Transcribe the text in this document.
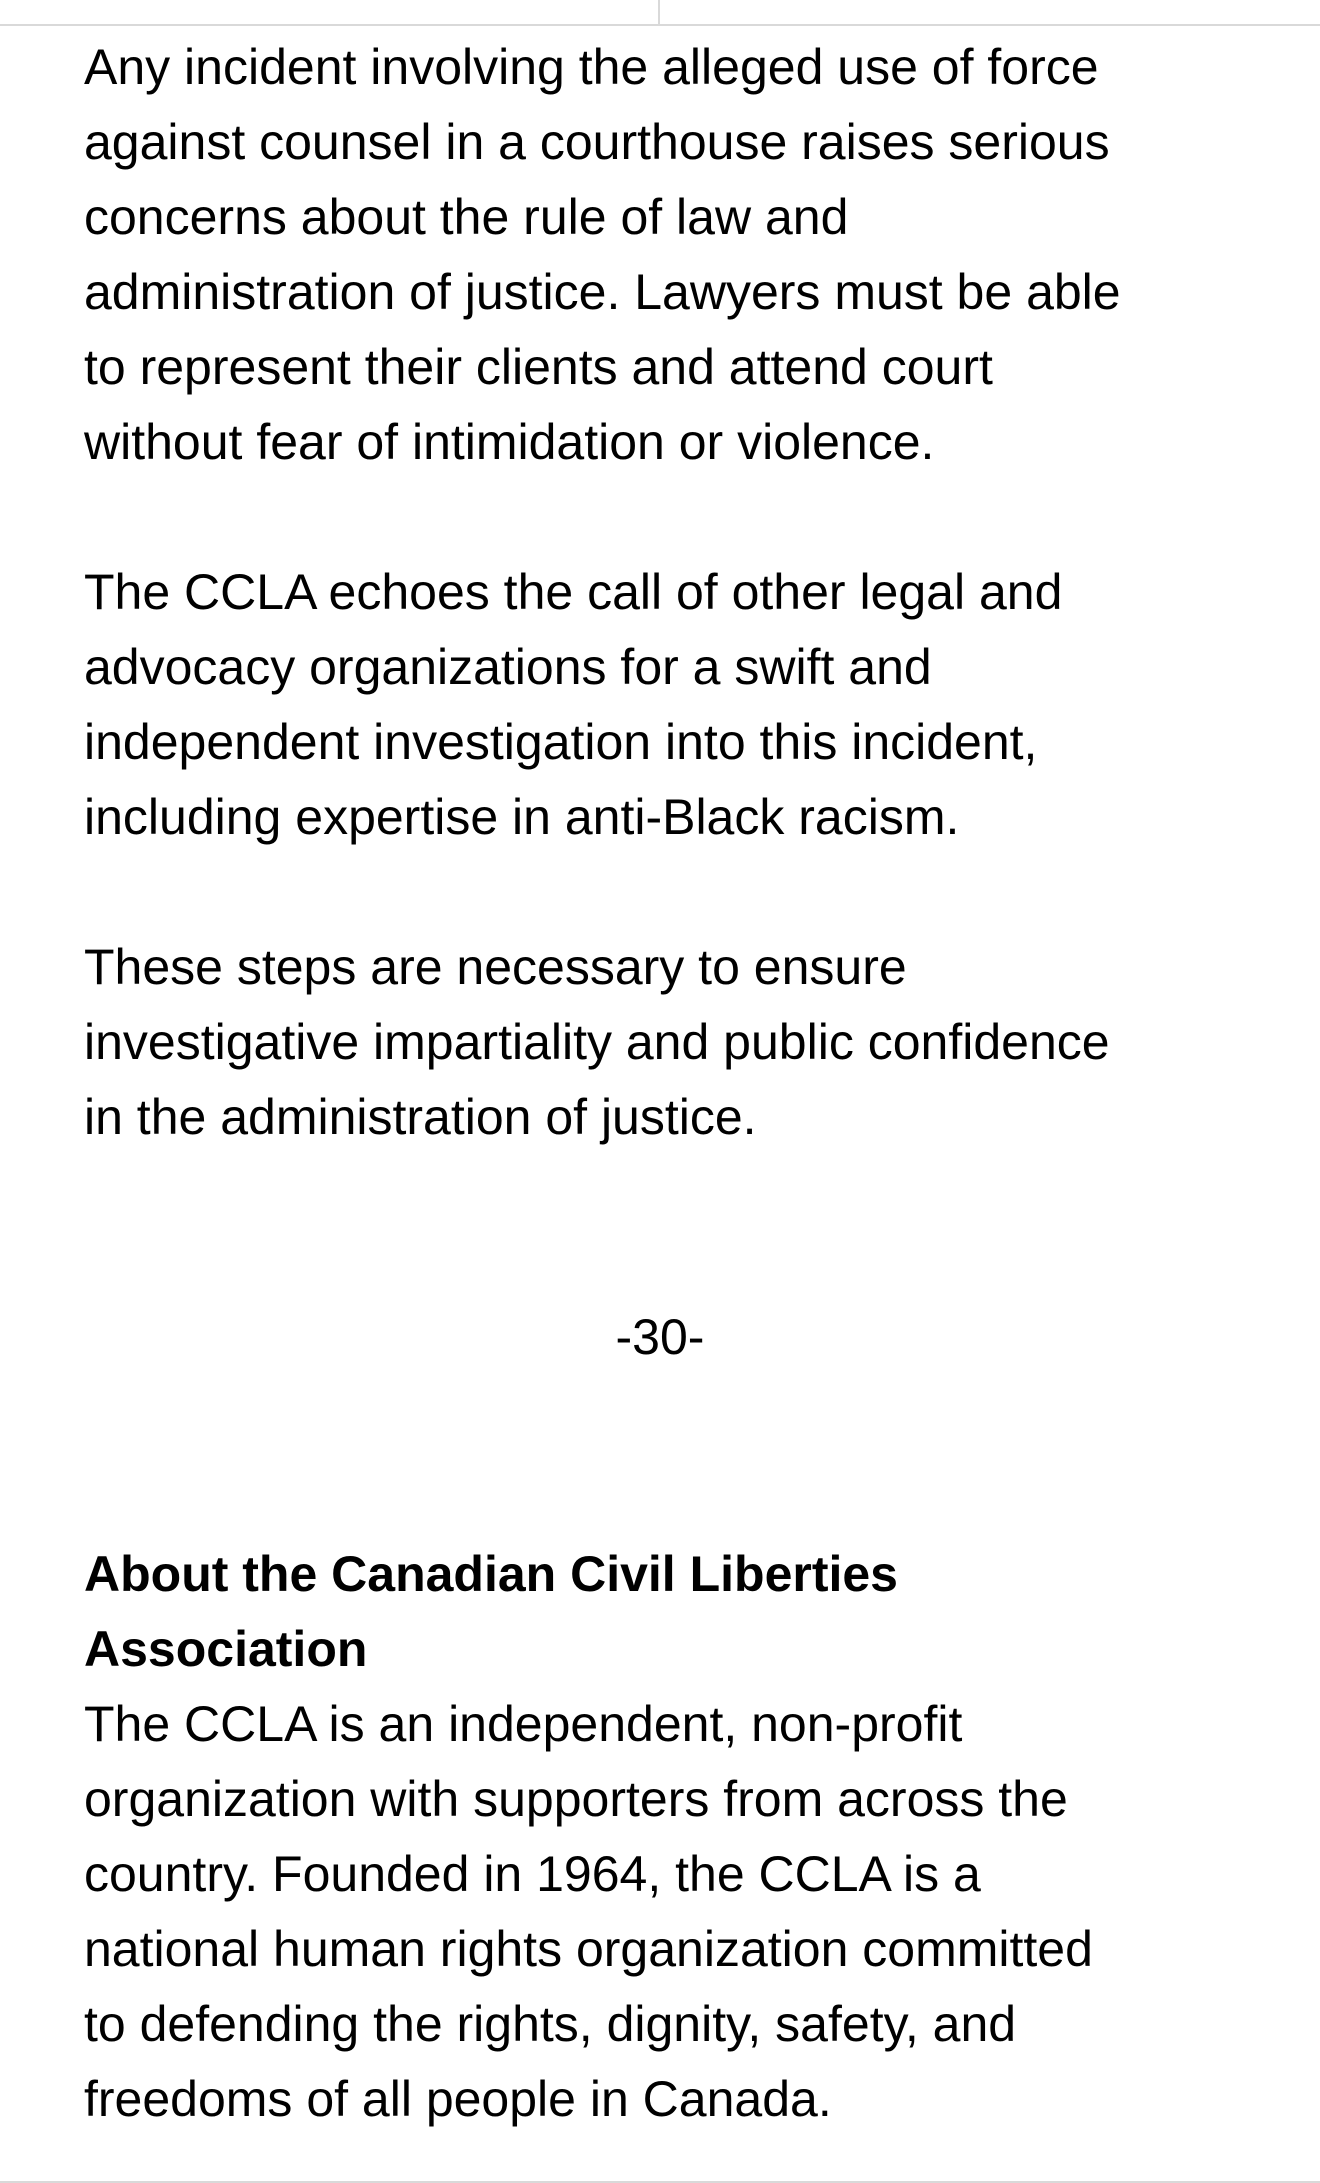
Any incident involving the alleged use of force
against counsel in a courthouse raises serious
concerns about the rule of law and
administration of justice. Lawyers must be able
to represent their clients and attend court
without fear of intimidation or violence.

The CCLA echoes the call of other legal and
advocacy organizations for a swift and
independent investigation into this incident,
including expertise in anti-Black racism.

These steps are necessary to ensure
investigative impartiality and public confidence
in the administration of justice.

-30-

About the Canadian Civil Liberties
Association

The CCLA is an independent, non-profit
organization with supporters from across the
country. Founded in 1964, the CCLA is a
national human rights organization committed
to defending the rights, dignity, safety, and
freedoms of all people in Canada.
